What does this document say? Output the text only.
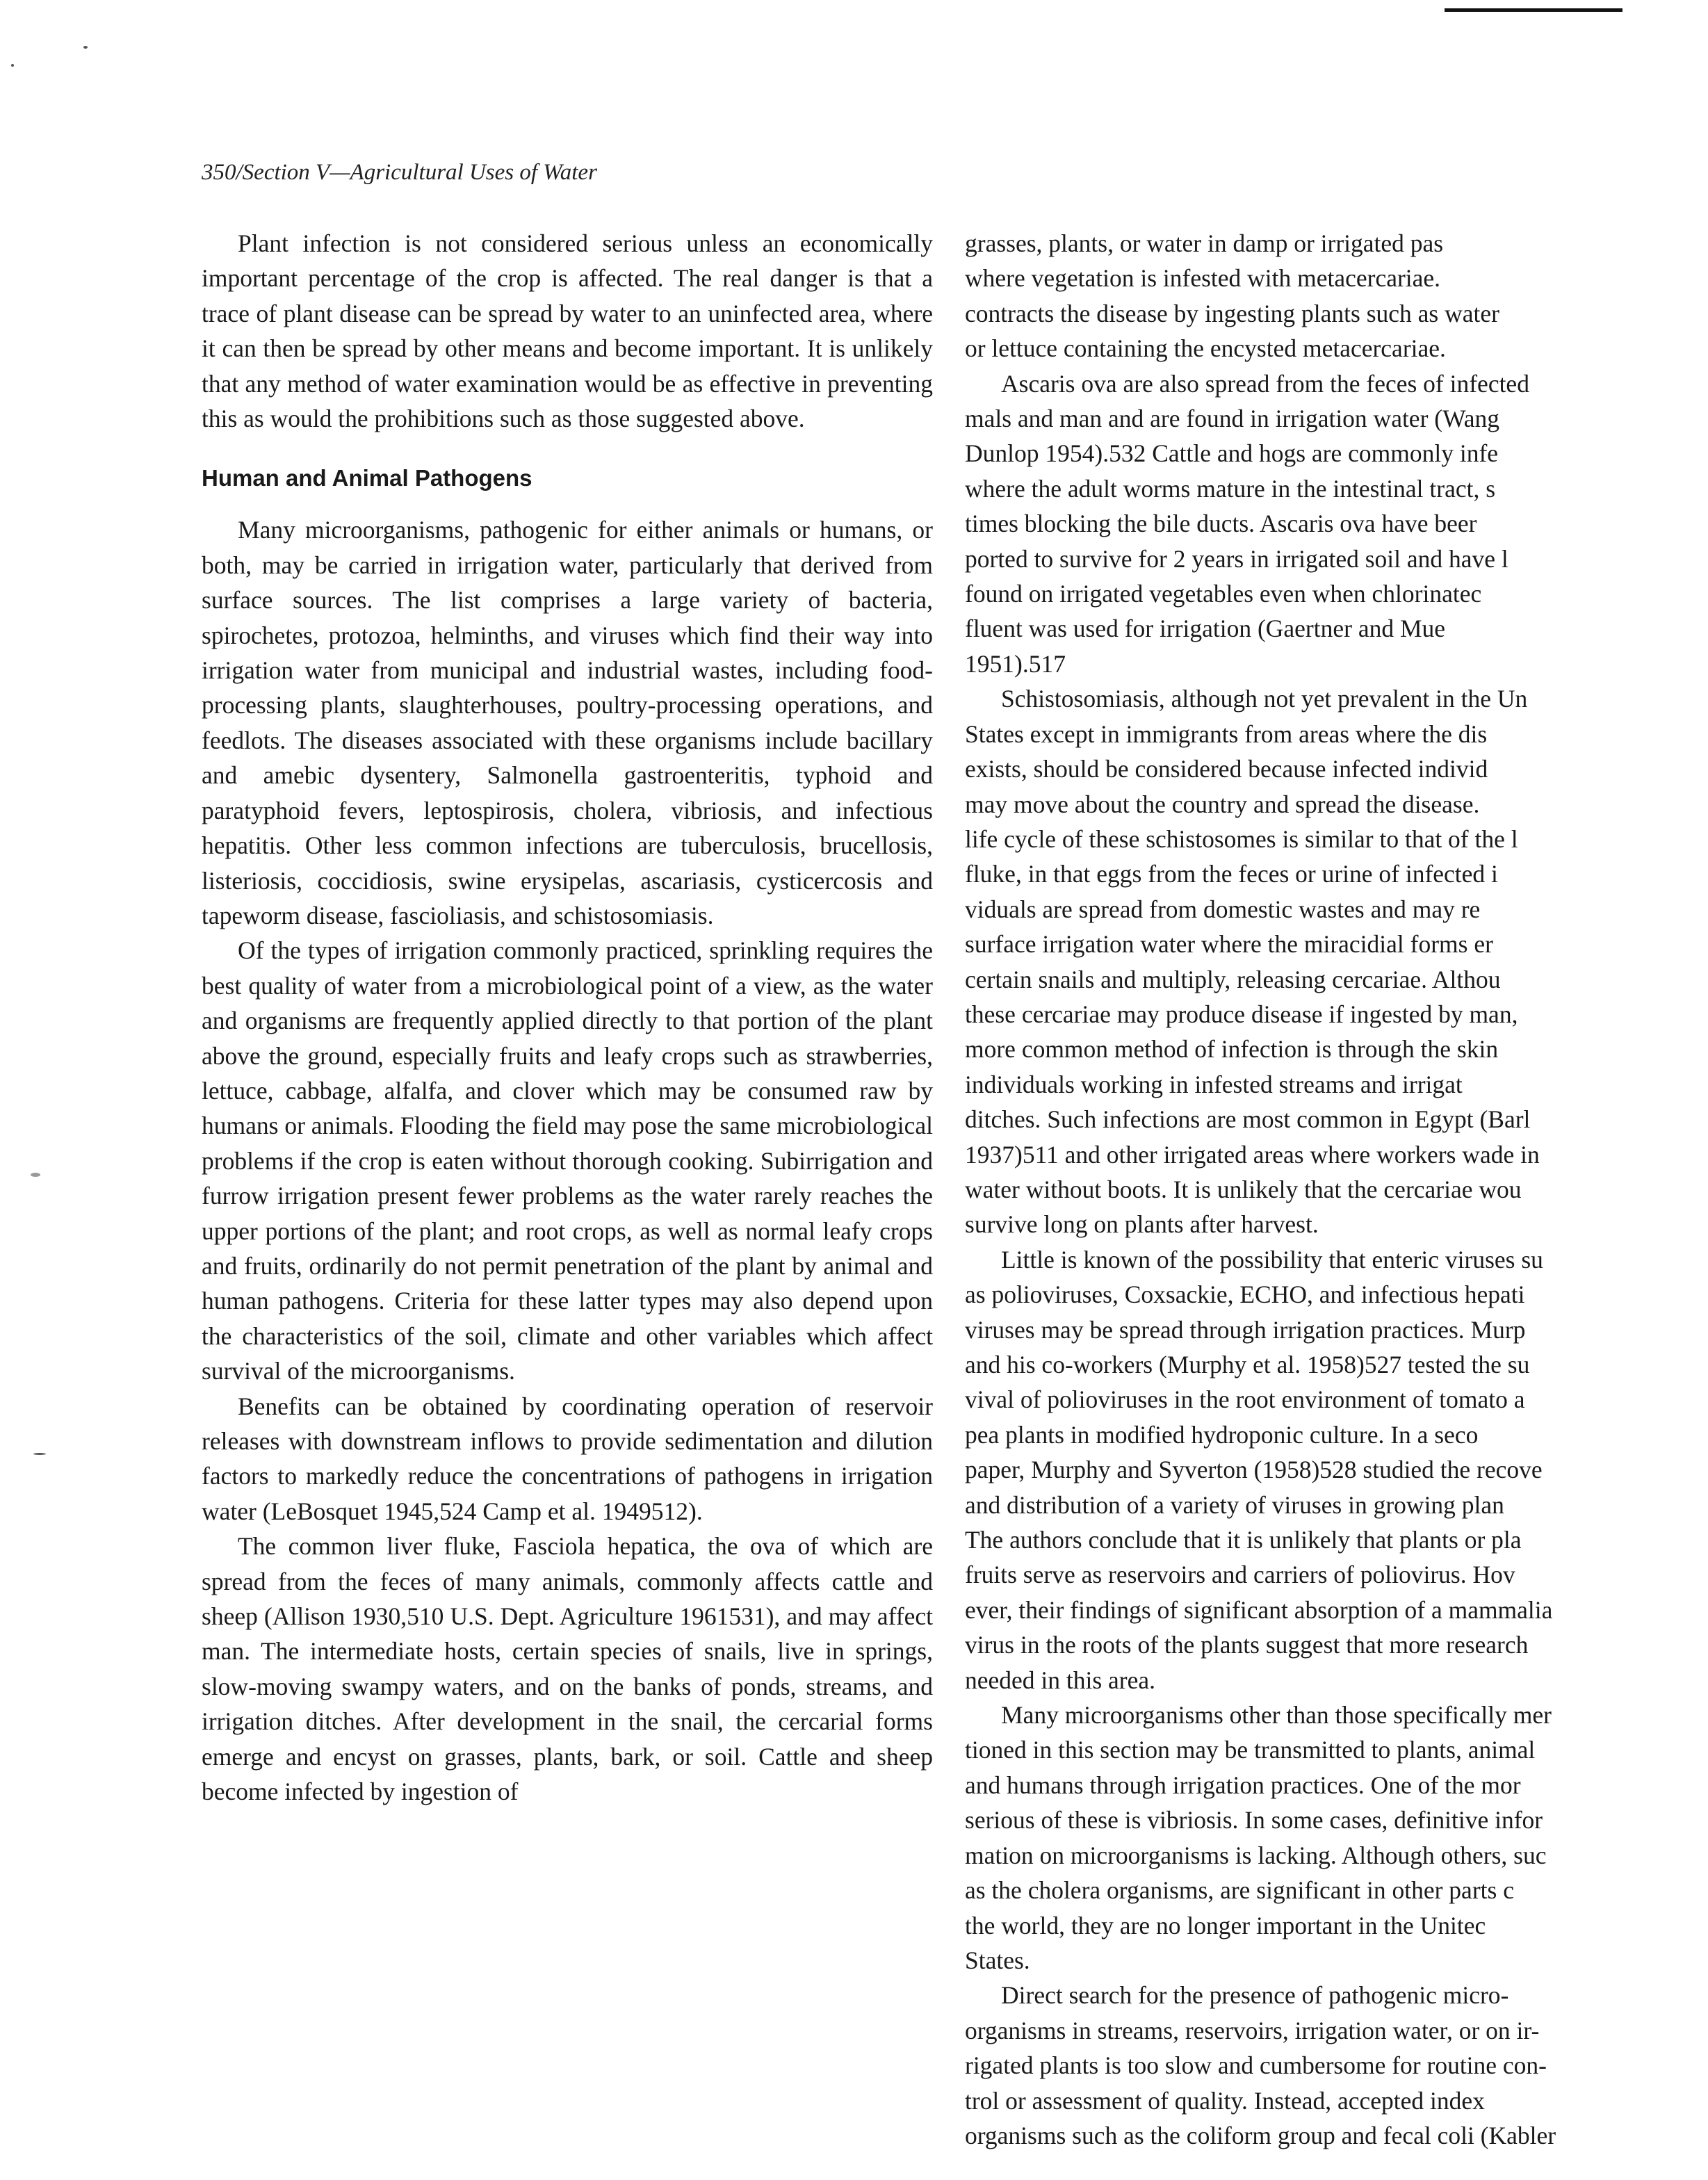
350/Section V—Agricultural Uses of Water

Plant infection is not considered serious unless an economically important percentage of the crop is affected. The real danger is that a trace of plant disease can be spread by water to an uninfected area, where it can then be spread by other means and become important. It is unlikely that any method of water examination would be as effective in preventing this as would the prohibitions such as those suggested above.

Human and Animal Pathogens

Many microorganisms, pathogenic for either animals or humans, or both, may be carried in irrigation water, particularly that derived from surface sources. The list comprises a large variety of bacteria, spirochetes, protozoa, helminths, and viruses which find their way into irrigation water from municipal and industrial wastes, including food-processing plants, slaughterhouses, poultry-processing operations, and feedlots. The diseases associated with these organisms include bacillary and amebic dysentery, Salmonella gastroenteritis, typhoid and paratyphoid fevers, leptospirosis, cholera, vibriosis, and infectious hepatitis. Other less common infections are tuberculosis, brucellosis, listeriosis, coccidiosis, swine erysipelas, ascariasis, cysticercosis and tapeworm disease, fascioliasis, and schistosomiasis.

Of the types of irrigation commonly practiced, sprinkling requires the best quality of water from a microbiological point of a view, as the water and organisms are frequently applied directly to that portion of the plant above the ground, especially fruits and leafy crops such as strawberries, lettuce, cabbage, alfalfa, and clover which may be consumed raw by humans or animals. Flooding the field may pose the same microbiological problems if the crop is eaten without thorough cooking. Subirrigation and furrow irrigation present fewer problems as the water rarely reaches the upper portions of the plant; and root crops, as well as normal leafy crops and fruits, ordinarily do not permit penetration of the plant by animal and human pathogens. Criteria for these latter types may also depend upon the characteristics of the soil, climate and other variables which affect survival of the microorganisms.

Benefits can be obtained by coordinating operation of reservoir releases with downstream inflows to provide sedimentation and dilution factors to markedly reduce the concentrations of pathogens in irrigation water (LeBosquet 1945,524 Camp et al. 1949512).

The common liver fluke, Fasciola hepatica, the ova of which are spread from the feces of many animals, commonly affects cattle and sheep (Allison 1930,510 U.S. Dept. Agriculture 1961531), and may affect man. The intermediate hosts, certain species of snails, live in springs, slow-moving swampy waters, and on the banks of ponds, streams, and irrigation ditches. After development in the snail, the cercarial forms emerge and encyst on grasses, plants, bark, or soil. Cattle and sheep become infected by ingestion of

grasses, plants, or water in damp or irrigated pas

where vegetation is infested with metacercariae.

contracts the disease by ingesting plants such as water

or lettuce containing the encysted metacercariae.

Ascaris ova are also spread from the feces of infected

mals and man and are found in irrigation water (Wang

Dunlop 1954).532 Cattle and hogs are commonly infe

where the adult worms mature in the intestinal tract, s

times blocking the bile ducts. Ascaris ova have beer

ported to survive for 2 years in irrigated soil and have l

found on irrigated vegetables even when chlorinatec

fluent was used for irrigation (Gaertner and Mue

1951).517

Schistosomiasis, although not yet prevalent in the Un

States except in immigrants from areas where the dis

exists, should be considered because infected individ

may move about the country and spread the disease.

life cycle of these schistosomes is similar to that of the l

fluke, in that eggs from the feces or urine of infected i

viduals are spread from domestic wastes and may re

surface irrigation water where the miracidial forms er

certain snails and multiply, releasing cercariae. Althou

these cercariae may produce disease if ingested by man,

more common method of infection is through the skin

individuals working in infested streams and irrigat

ditches. Such infections are most common in Egypt (Barl

1937)511 and other irrigated areas where workers wade in

water without boots. It is unlikely that the cercariae wou

survive long on plants after harvest.

Little is known of the possibility that enteric viruses su

as polioviruses, Coxsackie, ECHO, and infectious hepati

viruses may be spread through irrigation practices. Murp

and his co-workers (Murphy et al. 1958)527 tested the su

vival of polioviruses in the root environment of tomato a

pea plants in modified hydroponic culture. In a seco

paper, Murphy and Syverton (1958)528 studied the recove

and distribution of a variety of viruses in growing plan

The authors conclude that it is unlikely that plants or pla

fruits serve as reservoirs and carriers of poliovirus. Hov

ever, their findings of significant absorption of a mammalia

virus in the roots of the plants suggest that more research

needed in this area.

Many microorganisms other than those specifically mer

tioned in this section may be transmitted to plants, animal

and humans through irrigation practices. One of the mor

serious of these is vibriosis. In some cases, definitive infor

mation on microorganisms is lacking. Although others, suc

as the cholera organisms, are significant in other parts c

the world, they are no longer important in the Unitec

States.

Direct search for the presence of pathogenic micro-

organisms in streams, reservoirs, irrigation water, or on ir-

rigated plants is too slow and cumbersome for routine con-

trol or assessment of quality. Instead, accepted index

organisms such as the coliform group and fecal coli (Kabler
